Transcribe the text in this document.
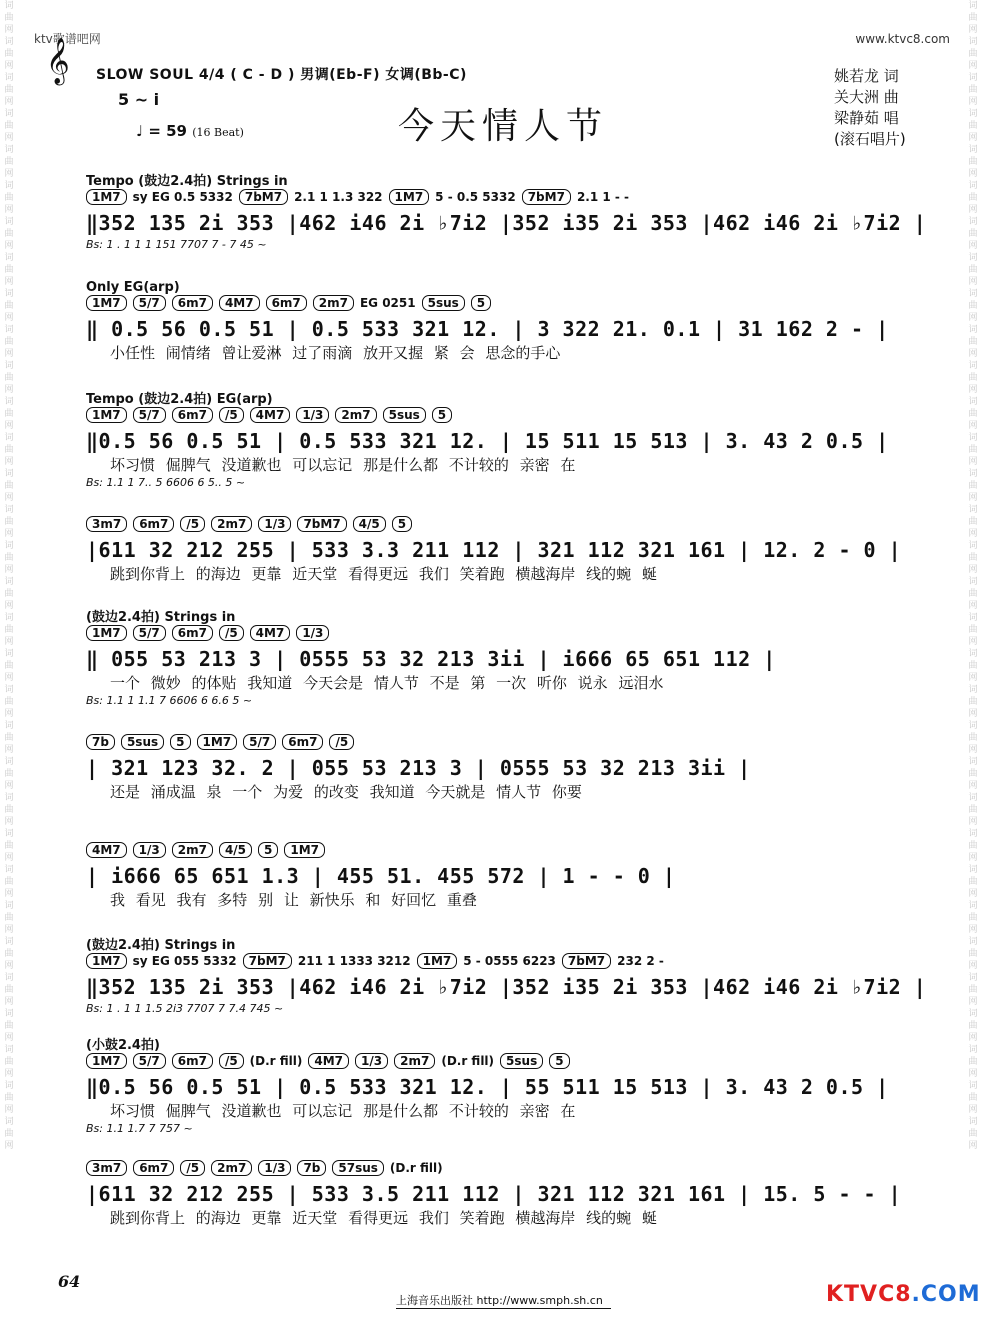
ktv歌谱吧网	www.ktvc8.com
词曲网词曲网词曲网词曲网词曲网词曲网词曲网词曲网词曲网词曲网词曲网词曲网词曲网词曲网词曲网词曲网词曲网词曲网词曲网词曲网词曲网词曲网词曲网词曲网词曲网词曲网词曲网词曲网词曲网词曲网词曲网词曲网
词曲网词曲网词曲网词曲网词曲网词曲网词曲网词曲网词曲网词曲网词曲网词曲网词曲网词曲网词曲网词曲网词曲网词曲网词曲网词曲网词曲网词曲网词曲网词曲网词曲网词曲网词曲网词曲网词曲网词曲网词曲网词曲网
𝄞 SLOW SOUL 4/4 ( C - D ) 男调(Eb-F) 女调(Bb-C)
5 ~ i
♩ = 59 (16 Beat)	今天情人节
姚若龙 词
关大洲 曲
梁静茹 唱
(滚石唱片)
Tempo (鼓边2.4拍) Strings in
1M7 sy EG 0.5 5332 7bM7 2.1 1 1.3 322 1M7 5 - 0.5 5332 7bM7 2.1 1 - -
‖352 135 2i 353 |462 i46 2i ♭7i2 |352 i35 2i 353 |462 i46 2i ♭7i2 |
Bs: 1 . 1 1 1 151 7707 7 - 7 45 ~
Only EG(arp)
1M7 5/7 6m7 4M7 6m7 2m7 EG 0251 5sus 5
‖ 0.5 56 0.5 51 | 0.5 533 321 12. | 3 322 21. 0.1 | 31 162 2 - |
小任性 闹情绪 曾让爱淋 过了雨滴 放开又握 紧 会 思念的手心
Tempo (鼓边2.4拍) EG(arp)
1M7 5/7 6m7 /5 4M7 1/3 2m7 5sus 5
‖0.5 56 0.5 51 | 0.5 533 321 12. | 15 511 15 513 | 3. 43 2 0.5 |
坏习惯 倔脾气 没道歉也 可以忘记 那是什么都 不计较的 亲密 在
Bs: 1.1 1 7.. 5 6606 6 5.. 5 ~
3m7 6m7 /5 2m7 1/3 7bM7 4/5 5
|611 32 212 255 | 533 3.3 211 112 | 321 112 321 161 | 12. 2 - 0 |
跳到你背上 的海边 更靠 近天堂 看得更远 我们 笑着跑 横越海岸 线的蜿 蜒
(鼓边2.4拍) Strings in
1M7 5/7 6m7 /5 4M7 1/3
‖ 055 53 213 3 | 0555 53 32 213 3ii | i666 65 651 112 |
一个 微妙 的体贴 我知道 今天会是 情人节 不是 第 一次 听你 说永 远泪水
Bs: 1.1 1 1.1 7 6606 6 6.6 5 ~
7b 5sus 5 1M7 5/7 6m7 /5
| 321 123 32. 2 | 055 53 213 3 | 0555 53 32 213 3ii |
还是 涌成温 泉 一个 为爱 的改变 我知道 今天就是 情人节 你要
4M7 1/3 2m7 4/5 5 1M7
| i666 65 651 1.3 | 455 51. 455 572 | 1 - - 0 |
我 看见 我有 多特 别 让 新快乐 和 好回忆 重叠
(鼓边2.4拍) Strings in
1M7 sy EG 055 5332 7bM7 211 1 1333 3212 1M7 5 - 0555 6223 7bM7 232 2 -
‖352 135 2i 353 |462 i46 2i ♭7i2 |352 i35 2i 353 |462 i46 2i ♭7i2 |
Bs: 1 . 1 1 1.5 2i3 7707 7 7.4 745 ~
(小鼓2.4拍)
1M7 5/7 6m7 /5 (D.r fill) 4M7 1/3 2m7 (D.r fill) 5sus 5
‖0.5 56 0.5 51 | 0.5 533 321 12. | 55 511 15 513 | 3. 43 2 0.5 |
坏习惯 倔脾气 没道歉也 可以忘记 那是什么都 不计较的 亲密 在
Bs: 1.1 1.7 7 757 ~
3m7 6m7 /5 2m7 1/3 7b 57sus (D.r fill)
|611 32 212 255 | 533 3.5 211 112 | 321 112 321 161 | 15. 5 - - |
跳到你背上 的海边 更靠 近天堂 看得更远 我们 笑着跑 横越海岸 线的蜿 蜒
64
上海音乐出版社 http://www.smph.sh.cn	KTVC8.COM
